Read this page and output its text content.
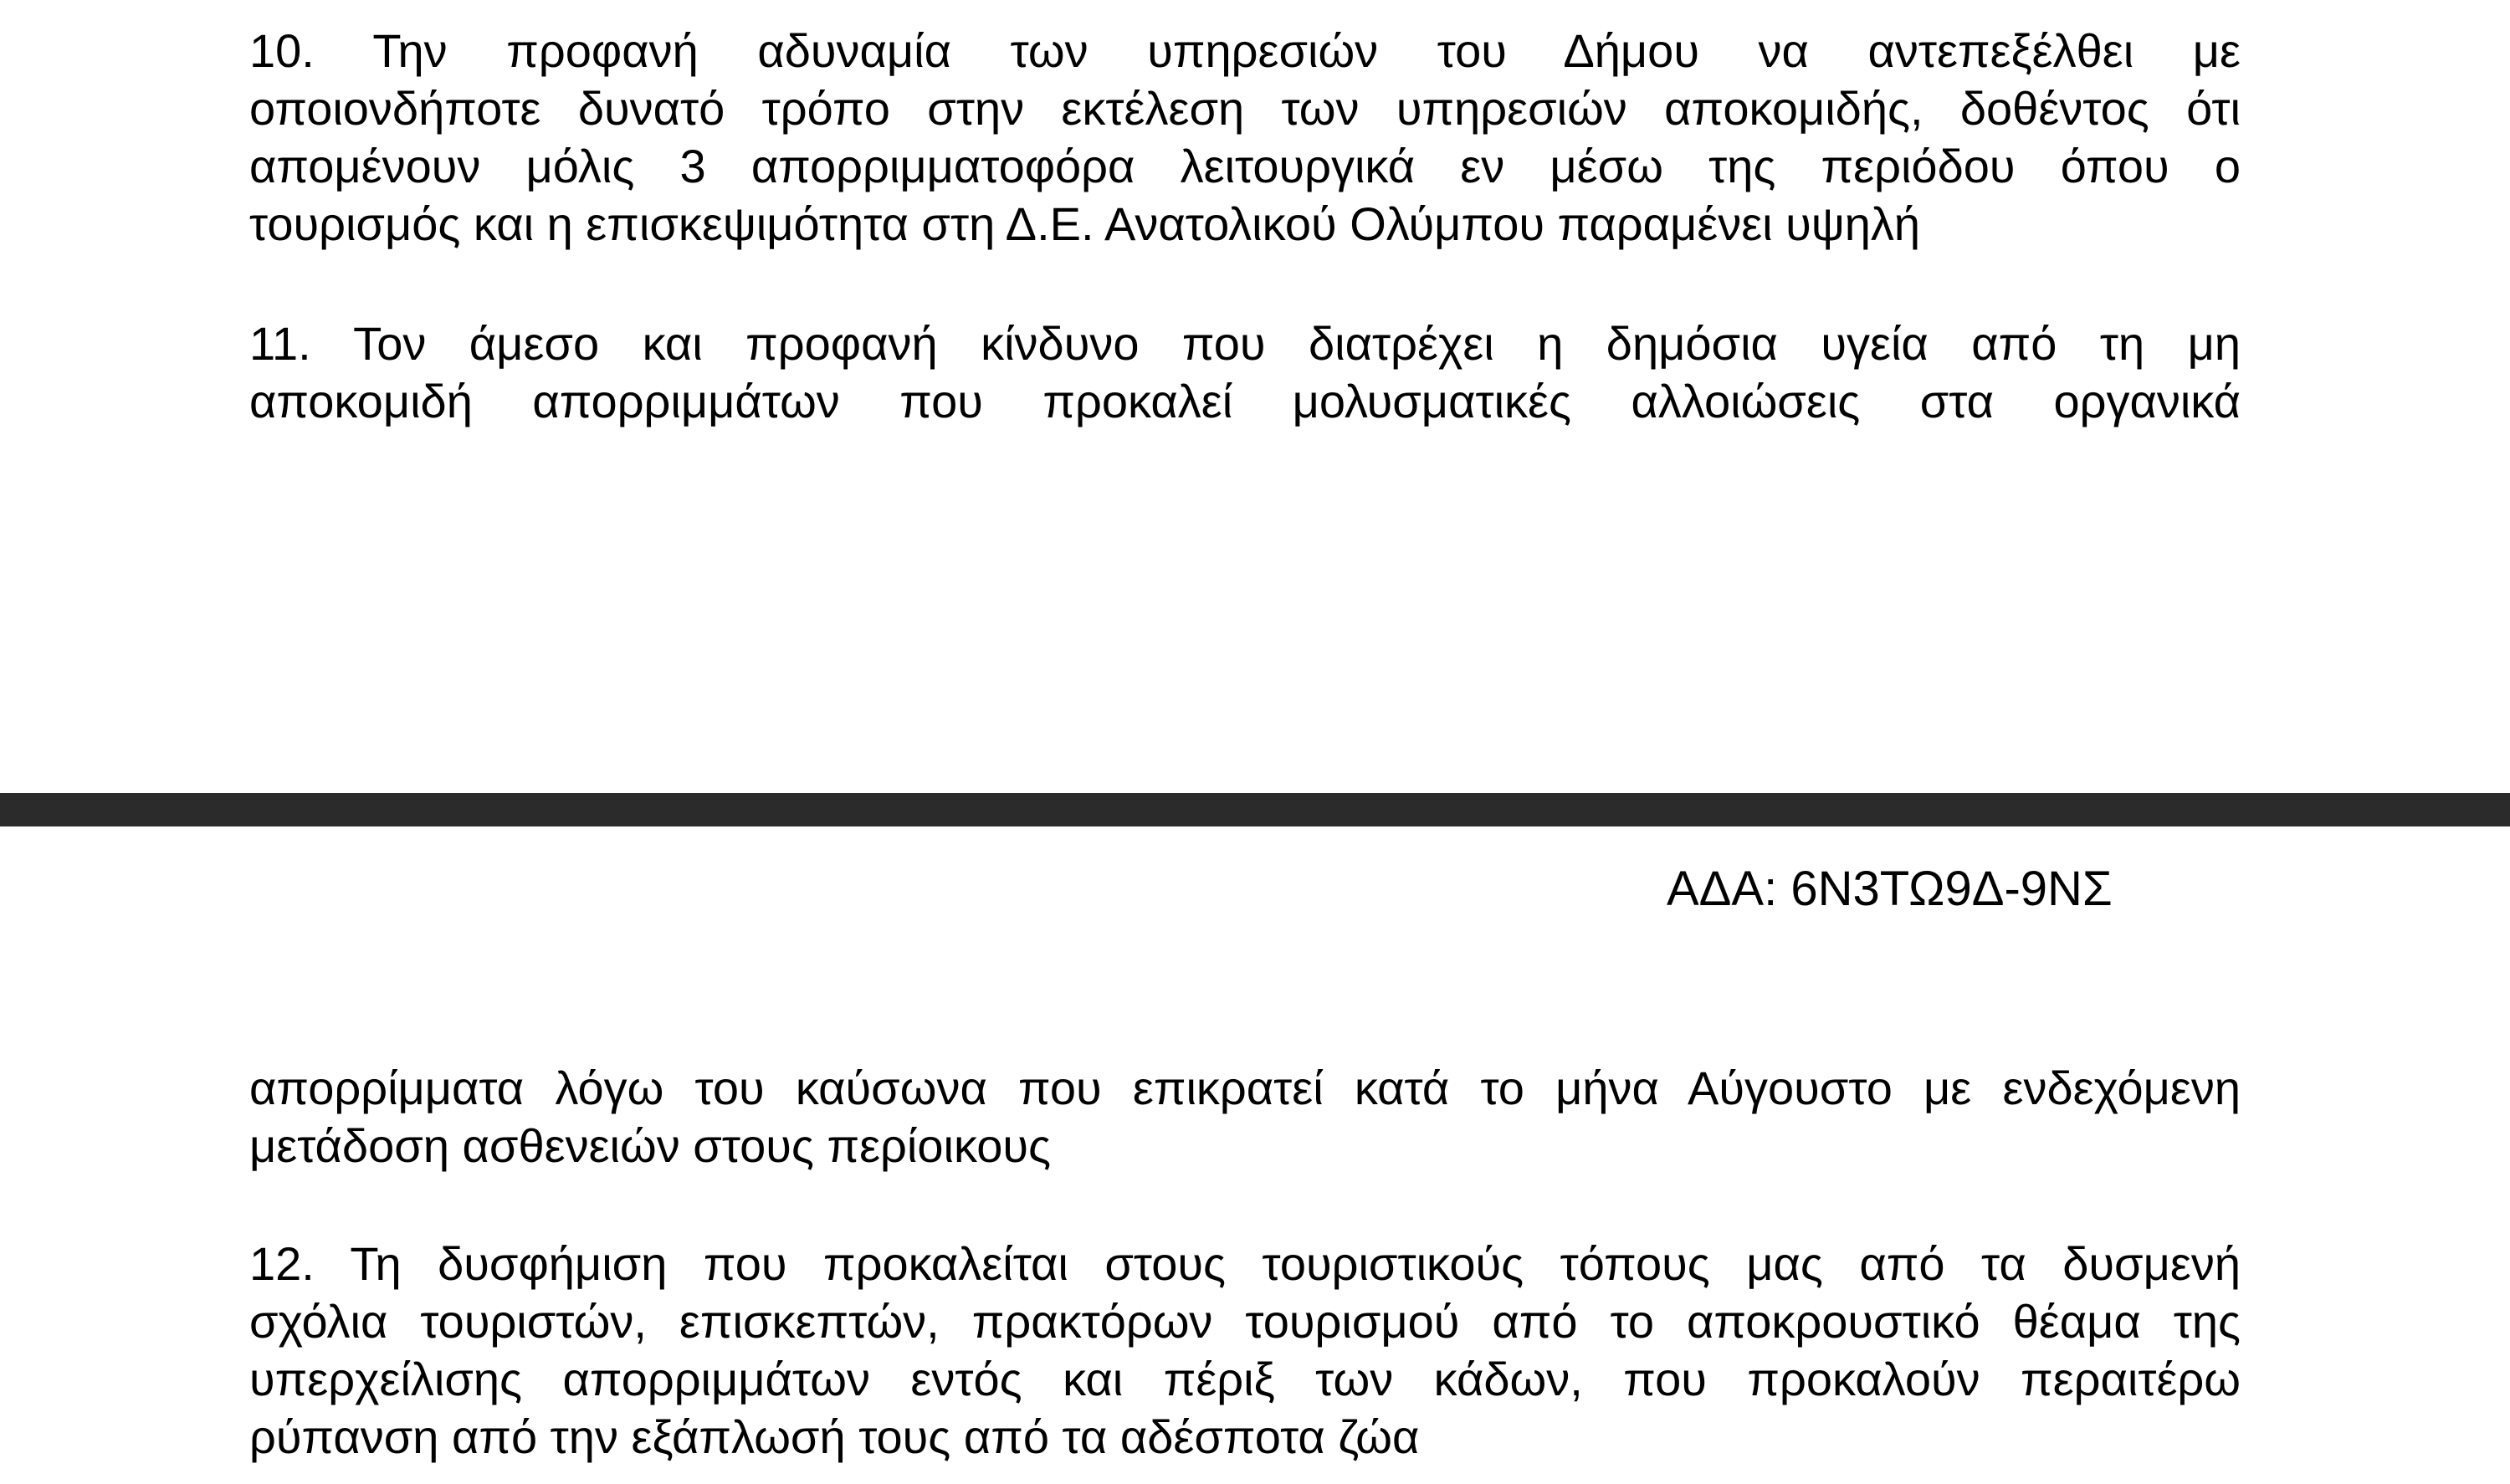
10. Την προφανή αδυναμία των υπηρεσιών του Δήμου να αντεπεξέλθει με
οποιονδήποτε δυνατό τρόπο στην εκτέλεση των υπηρεσιών αποκομιδής, δοθέντος ότι
απομένουν μόλις 3 απορριμματοφόρα λειτουργικά εν μέσω της περιόδου όπου ο
τουρισμός και η επισκεψιμότητα στη Δ.Ε. Ανατολικού Ολύμπου παραμένει υψηλή
11. Τον άμεσο και προφανή κίνδυνο που διατρέχει η δημόσια υγεία από τη μη
αποκομιδή απορριμμάτων που προκαλεί μολυσματικές αλλοιώσεις στα οργανικά

ΑΔΑ: 6Ν3ΤΩ9Δ-9ΝΣ

απορρίμματα λόγω του καύσωνα που επικρατεί κατά το μήνα Αύγουστο με ενδεχόμενη
μετάδοση ασθενειών στους περίοικους
12. Τη δυσφήμιση που προκαλείται στους τουριστικούς τόπους μας από τα δυσμενή
σχόλια τουριστών, επισκεπτών, πρακτόρων τουρισμού από το αποκρουστικό θέαμα της
υπερχείλισης απορριμμάτων εντός και πέριξ των κάδων, που προκαλούν περαιτέρω
ρύπανση από την εξάπλωσή τους από τα αδέσποτα ζώα
